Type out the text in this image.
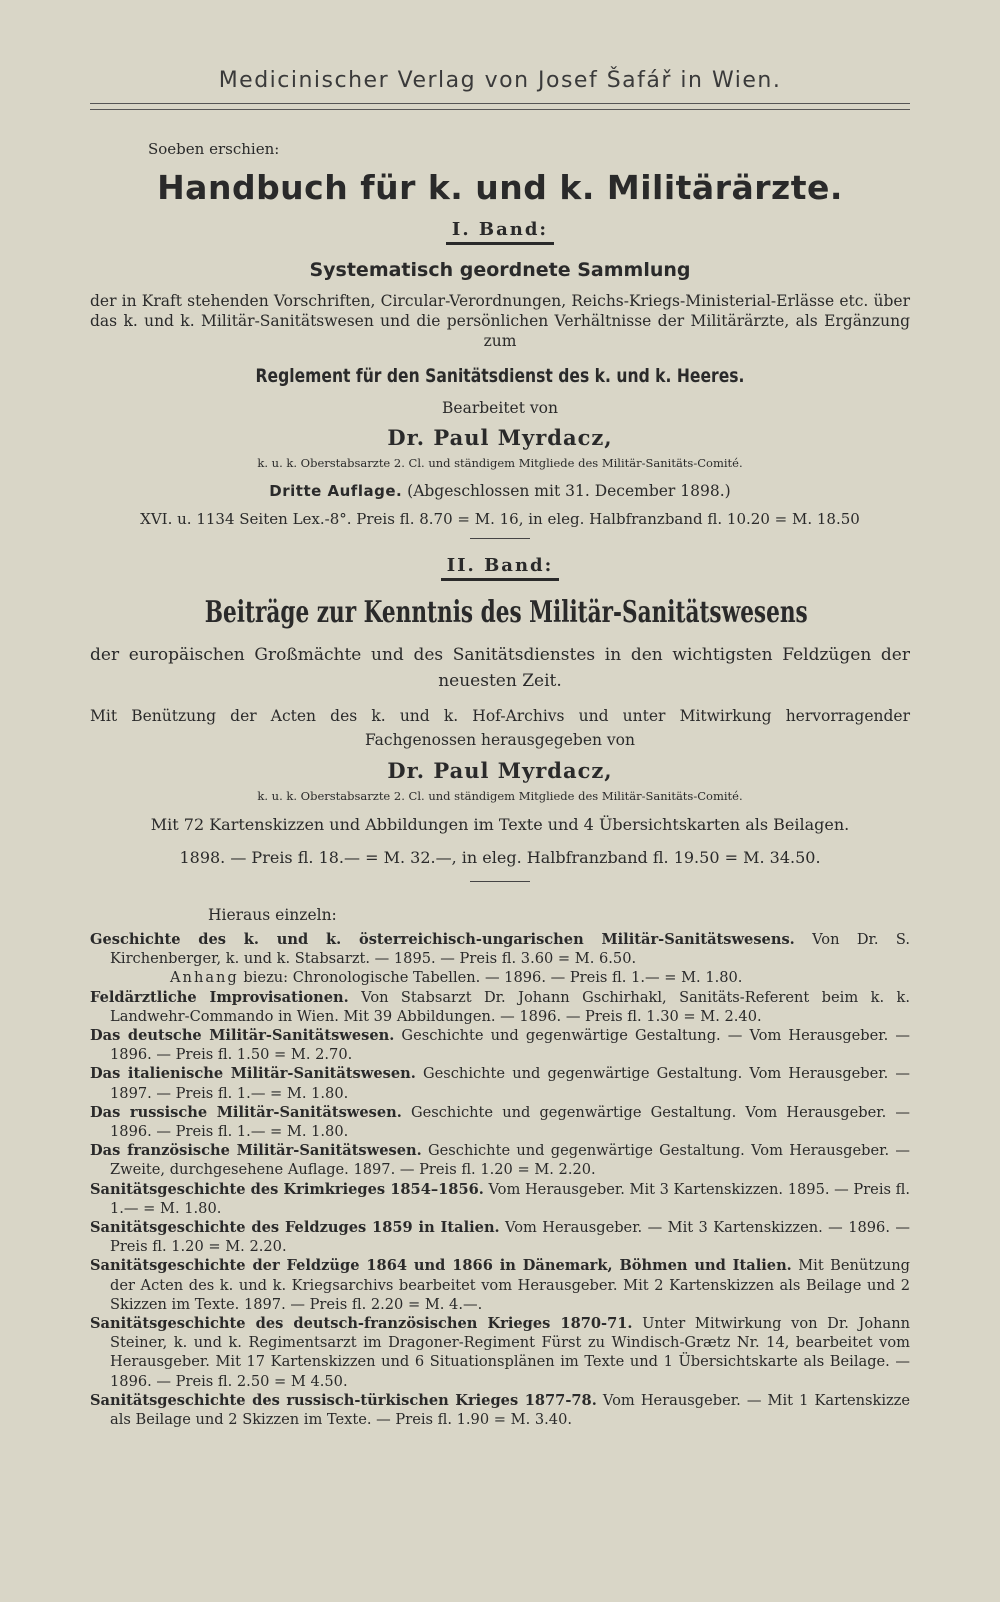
Medicinischer Verlag von Josef Šafář in Wien.
Soeben erschien:
Handbuch für k. und k. Militärärzte.
I. Band:
Systematisch geordnete Sammlung

der in Kraft stehenden Vorschriften, Circular-Verordnungen, Reichs-Kriegs-Ministerial-Erlässe etc. über das k. und k. Militär-Sanitätswesen und die persönlichen Verhältnisse der Militärärzte, als Ergänzung zum

Reglement für den Sanitätsdienst des k. und k. Heeres.
Bearbeitet von
Dr. Paul Myrdacz,
k. u. k. Oberstabsarzte 2. Cl. und ständigem Mitgliede des Militär-Sanitäts-Comité.
Dritte Auflage. (Abgeschlossen mit 31. December 1898.)
XVI. u. 1134 Seiten Lex.-8°. Preis fl. 8.70 = M. 16, in eleg. Halbfranzband fl. 10.20 = M. 18.50
II. Band:
Beiträge zur Kenntnis des Militär-Sanitätswesens

der europäischen Großmächte und des Sanitätsdienstes in den wichtigsten Feldzügen der neuesten Zeit.

Mit Benützung der Acten des k. und k. Hof-Archivs und unter Mitwirkung hervorragender Fachgenossen herausgegeben von

Dr. Paul Myrdacz,
k. u. k. Oberstabsarzte 2. Cl. und ständigem Mitgliede des Militär-Sanitäts-Comité.
Mit 72 Kartenskizzen und Abbildungen im Texte und 4 Übersichtskarten als Beilagen.
1898. — Preis fl. 18.— = M. 32.—, in eleg. Halbfranzband fl. 19.50 = M. 34.50.
Hieraus einzeln:

Geschichte des k. und k. österreichisch-ungarischen Militär-Sanitätswesens. Von Dr. S. Kirchenberger, k. und k. Stabsarzt. — 1895. — Preis fl. 3.60 = M. 6.50.

Anhang biezu: Chronologische Tabellen. — 1896. — Preis fl. 1.— = M. 1.80.

Feldärztliche Improvisationen. Von Stabsarzt Dr. Johann Gschirhakl, Sanitäts-Referent beim k. k. Landwehr-Commando in Wien. Mit 39 Abbildungen. — 1896. — Preis fl. 1.30 = M. 2.40.

Das deutsche Militär-Sanitätswesen. Geschichte und gegenwärtige Gestaltung. — Vom Herausgeber. — 1896. — Preis fl. 1.50 = M. 2.70.

Das italienische Militär-Sanitätswesen. Geschichte und gegenwärtige Gestaltung. Vom Herausgeber. — 1897. — Preis fl. 1.— = M. 1.80.

Das russische Militär-Sanitätswesen. Geschichte und gegenwärtige Gestaltung. Vom Herausgeber. — 1896. — Preis fl. 1.— = M. 1.80.

Das französische Militär-Sanitätswesen. Geschichte und gegenwärtige Gestaltung. Vom Herausgeber. — Zweite, durchgesehene Auflage. 1897. — Preis fl. 1.20 = M. 2.20.

Sanitätsgeschichte des Krimkrieges 1854–1856. Vom Herausgeber. Mit 3 Kartenskizzen. 1895. — Preis fl. 1.— = M. 1.80.

Sanitätsgeschichte des Feldzuges 1859 in Italien. Vom Herausgeber. — Mit 3 Kartenskizzen. — 1896. — Preis fl. 1.20 = M. 2.20.

Sanitätsgeschichte der Feldzüge 1864 und 1866 in Dänemark, Böhmen und Italien. Mit Benützung der Acten des k. und k. Kriegsarchivs bearbeitet vom Herausgeber. Mit 2 Kartenskizzen als Beilage und 2 Skizzen im Texte. 1897. — Preis fl. 2.20 = M. 4.—.

Sanitätsgeschichte des deutsch-französischen Krieges 1870-71. Unter Mitwirkung von Dr. Johann Steiner, k. und k. Regimentsarzt im Dragoner-Regiment Fürst zu Windisch-Grætz Nr. 14, bearbeitet vom Herausgeber. Mit 17 Kartenskizzen und 6 Situationsplänen im Texte und 1 Übersichtskarte als Beilage. — 1896. — Preis fl. 2.50 = M 4.50.

Sanitätsgeschichte des russisch-türkischen Krieges 1877-78. Vom Herausgeber. — Mit 1 Kartenskizze als Beilage und 2 Skizzen im Texte. — Preis fl. 1.90 = M. 3.40.
